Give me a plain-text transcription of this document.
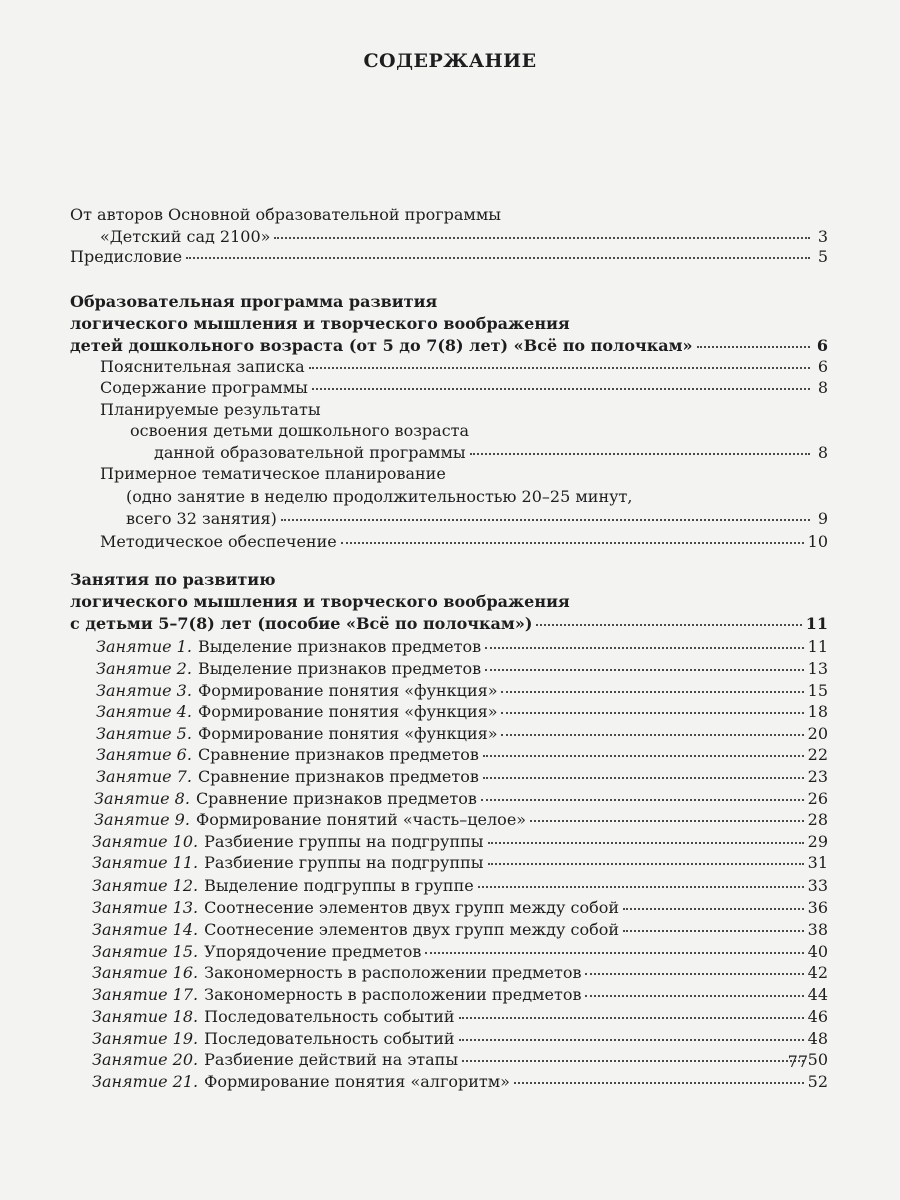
СОДЕРЖАНИЕ
От авторов Основной образовательной программы
«Детский сад 2100»	3
Предисловие	5
Образовательная программа развития
логического мышления и творческого воображения
детей дошкольного возраста (от 5 до 7(8) лет) «Всё по полочкам»	6
Пояснительная записка	6
Содержание программы	8
Планируемые результаты
освоения детьми дошкольного возраста
данной образовательной программы	8
Примерное тематическое планирование
(одно занятие в неделю продолжительностью 20–25 минут,
всего 32 занятия)	9
Методическое обеспечение	10
Занятия по развитию
логического мышления и творческого воображения
с детьми 5–7(8) лет (пособие «Всё по полочкам»)	11
Занятие 1. Выделение признаков предметов	11
Занятие 2. Выделение признаков предметов	13
Занятие 3. Формирование понятия «функция»	15
Занятие 4. Формирование понятия «функция»	18
Занятие 5. Формирование понятия «функция»	20
Занятие 6. Сравнение признаков предметов	22
Занятие 7. Сравнение признаков предметов	23
Занятие 8. Сравнение признаков предметов	26
Занятие 9. Формирование понятий «часть–целое»	28
Занятие 10. Разбиение группы на подгруппы	29
Занятие 11. Разбиение группы на подгруппы	31
Занятие 12. Выделение подгруппы в группе	33
Занятие 13. Соотнесение элементов двух групп между собой	36
Занятие 14. Соотнесение элементов двух групп между собой	38
Занятие 15. Упорядочение предметов	40
Занятие 16. Закономерность в расположении предметов	42
Занятие 17. Закономерность в расположении предметов	44
Занятие 18. Последовательность событий	46
Занятие 19. Последовательность событий	48
Занятие 20. Разбиение действий на этапы	50
Занятие 21. Формирование понятия «алгоритм»	52
77
